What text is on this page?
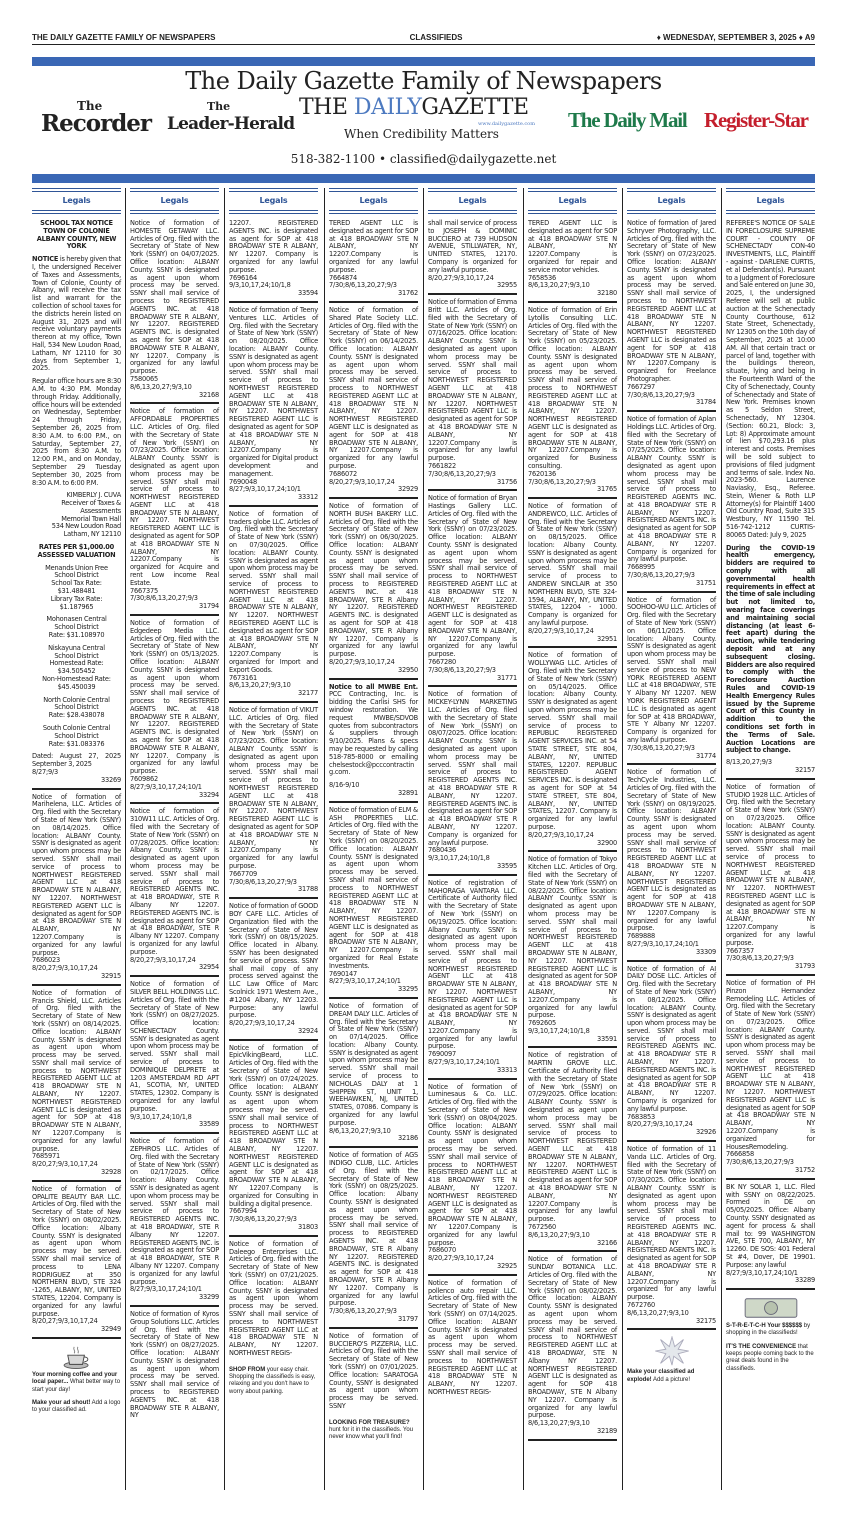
THE DAILY GAZETTE FAMILY OF NEWSPAPERS	CLASSIFIEDS	♦ WEDNESDAY, SEPTEMBER 3, 2025 ♦ A9
The Daily Gazette Family of Newspapers
The
Recorder
The
Leader-Herald
THE DAILYGAZETTE
www.dailygazette.com
When Credibility Matters
The Daily Mail Register-Star
518-382-1100 • classified@dailygazette.net
Legals
SCHOOL TAX NOTICE TOWN OF COLONIE ALBANY COUNTY, NEW YORK
NOTICE is hereby given that I, the undersigned Receiver of Taxes and Assessments, Town of Colonie, County of Albany, will receive the tax list and warrant for the collection of school taxes for the districts herein listed on August 31, 2025 and will receive voluntary payments thereon at my office, Town Hall, 534 New Loudon Road, Latham, NY 12110 for 30 days from September 1, 2025.
Regular office hours are 8:30 A.M. to 4:30 P.M. Monday through Friday. Additionally, office hours will be extended on Wednesday, September 24 through Friday, September 26, 2025 from 8:30 A.M. to 6:00 P.M., on Saturday, September 27, 2025 from 8:30 A.M. to 12:00 P.M., and on Monday, September 29 Tuesday September 30, 2025 from 8:30 A.M. to 6:00 P.M.
KIMBERLY J. CUVA
Receiver of Taxes &
Assessments
Memorial Town Hall
534 New Loudon Road
Latham, NY 12110
RATES PER $1,000.00 ASSESSED VALUATION
Menands Union Free
School District
School Tax Rate:
$31.488481
Library Tax Rate:
$1.187965
Mohonasen Central
School District
Rate: $31.108970
Niskayuna Central
School District
Homestead Rate:
$34.505452
Non-Homestead Rate:
$45.450039
North Colonie Central
School District
Rate: $28.438078
South Colonie Central
School District
Rate: $31.083376
Dated: August 27, 2025 September 3, 2025
8/27;9/3
33269
Notice of formation of Marihelena, LLC. Articles of Org. filed with the Secretary of State of New York (SSNY) on 08/14/2025. Office location: ALBANY County. SSNY is designated as agent upon whom process may be served. SSNY shall mail service of process to NORTHWEST REGISTERED AGENT LLC at 418 BROADWAY STE N ALBANY, NY 12207. NORTHWEST REGISTERED AGENT LLC is designated as agent for SOP at 418 BROADWAY STE N ALBANY, NY 12207.Company is organized for any lawful purpose.
7686023
8/20,27;9/3,10,17,24
32915
Notice of formation of Francis Shield, LLC. Articles of Org. filed with the Secretary of State of New York (SSNY) on 08/14/2025. Office location: ALBANY County. SSNY is designated as agent upon whom process may be served. SSNY shall mail service of process to NORTHWEST REGISTERED AGENT LLC at 418 BROADWAY STE N ALBANY, NY 12207. NORTHWEST REGISTERED AGENT LLC is designated as agent for SOP at 418 BROADWAY STE N ALBANY, NY 12207.Company is organized for any lawful purpose.
7685971
8/20,27;9/3,10,17,24
32928
Notice of formation of OPALITE BEAUTY BAR LLC. Articles of Org. filed with the Secretary of State of New York (SSNY) on 08/02/2025. Office location: Albany County. SSNY is designated as agent upon whom process may be served. SSNY shall mail service of process to LENA RODRIGUEZ at 350 NORTHERN BLVD, STE 324 -1265, ALBANY, NY, UNITED STATES, 12204. Company is organized for any lawful purpose.
8/20,27;9/3,10,17,24
32949
Your morning coffee and your local paper... What better way to start your day!
Make your ad shout! Add a logo to your classified ad.
Legals
Notice of formation of HOMESTE GETAWAY LLC. Articles of Org. filed with the Secretary of State of New York (SSNY) on 04/07/2025. Office location: ALBANY County. SSNY is designated as agent upon whom process may be served. SSNY shall mail service of process to REGISTERED AGENTS INC. at 418 BROADWAY STE R ALBANY, NY 12207. REGISTERED AGENTS INC. is designated as agent for SOP at 418 BROADWAY STE R ALBANY, NY 12207. Company is organized for any lawful purpose.
7580065
8/6,13,20,27;9/3,10
32168
Notice of formation of AFFORDABLE PROPERTIES LLC. Articles of Org. filed with the Secretary of State of New York (SSNY) on 07/23/2025. Office location: ALBANY County. SSNY is designated as agent upon whom process may be served. SSNY shall mail service of process to NORTHWEST REGISTERED AGENT LLC at 418 BROADWAY STE N ALBANY, NY 12207. NORTHWEST REGISTERED AGENT LLC is designated as agent for SOP at 418 BROADWAY STE N ALBANY, NY 12207.Company is organized for Acquire and rent Low income Real Estate.
7667375
7/30;8/6,13,20,27;9/3
31794
Notice of formation of Edgedeep Media LLC. Articles of Org. filed with the Secretary of State of New York (SSNY) on 05/13/2025. Office location: ALBANY County. SSNY is designated as agent upon whom process may be served. SSNY shall mail service of process to REGISTERED AGENTS INC. at 418 BROADWAY STE R ALBANY, NY 12207. REGISTERED AGENTS INC. is designated as agent for SOP at 418 BROADWAY STE R ALBANY, NY 12207. Company is organized for any lawful purpose.
7609862
8/27;9/3,10,17,24;10/1
33294
Notice of formation of 310W11 LLC. Articles of Org. filed with the Secretary of State of New York (SSNY) on 07/28/2025. Office location: Albany County. SSNY is designated as agent upon whom process may be served. SSNY shall mail service of process to REGISTERED AGENTS INC. at 418 BROADWAY, STE R Albany NY 12207. REGISTERED AGENTS INC. is designated as agent for SOP at 418 BROADWAY, STE R Albany NY 12207. Company is organized for any lawful purpose.
8/20,27;9/3,10,17,24
32954
Notice of formation of SILVER BELL HOLDINGS LLC. Articles of Org. filed with the Secretary of State of New York (SSNY) on 08/27/2025. Office location: SCHENECTADY County. SSNY is designated as agent upon whom process may be served. SSNY shall mail service of process to DOMINIQUE DELPRETE at 1203 AMSTERDAM RD APT A1, SCOTIA, NY, UNITED STATES, 12302. Company is organized for any lawful purpose.
9/3,10,17,24;10/1,8
33589
Notice of formation of ZEPHROS LLC. Articles of Org. filed with the Secretary of State of New York (SSNY) on 02/17/2025. Office location: Albany County. SSNY is designated as agent upon whom process may be served. SSNY shall mail service of process to REGISTERED AGENTS INC. at 418 BROADWAY, STE R Albany NY 12207. REGISTERED AGENTS INC. is designated as agent for SOP at 418 BROADWAY, STE R Albany NY 12207. Company is organized for any lawful purpose.
8/27;9/3,10,17,24;10/1
33299
Notice of formation of Kyros Group Solutions LLC. Articles of Org. filed with the Secretary of State of New York (SSNY) on 08/27/2025. Office location: ALBANY County. SSNY is designated as agent upon whom process may be served. SSNY shall mail service of process to REGISTERED AGENTS INC. at 418 BROADWAY STE R ALBANY, NY
Legals
12207. REGISTERED AGENTS INC. is designated as agent for SOP at 418 BROADWAY STE R ALBANY, NY 12207. Company is organized for any lawful purpose.
7696164
9/3,10,17,24;10/1,8
33594
Notice of formation of Teeny Ventures LLC. Articles of Org. filed with the Secretary of State of New York (SSNY) on 08/20/2025. Office location: ALBANY County. SSNY is designated as agent upon whom process may be served. SSNY shall mail service of process to NORTHWEST REGISTERED AGENT LLC at 418 BROADWAY STE N ALBANY, NY 12207. NORTHWEST REGISTERED AGENT LLC is designated as agent for SOP at 418 BROADWAY STE N ALBANY, NY 12207.Company is organized for Digital product development and management.
7690048
8/27;9/3,10,17,24;10/1
33312
Notice of formation of traders globe LLC. Articles of Org. filed with the Secretary of State of New York (SSNY) on 07/30/2025. Office location: ALBANY County. SSNY is designated as agent upon whom process may be served. SSNY shall mail service of process to NORTHWEST REGISTERED AGENT LLC at 418 BROADWAY STE N ALBANY, NY 12207. NORTHWEST REGISTERED AGENT LLC is designated as agent for SOP at 418 BROADWAY STE N ALBANY, NY 12207.Company is organized for Import and Export Goods.
7673161
8/6,13,20,27;9/3,10
32177
Notice of formation of VIKUT LLC. Articles of Org. filed with the Secretary of State of New York (SSNY) on 07/23/2025. Office location: ALBANY County. SSNY is designated as agent upon whom process may be served. SSNY shall mail service of process to NORTHWEST REGISTERED AGENT LLC at 418 BROADWAY STE N ALBANY, NY 12207. NORTHWEST REGISTERED AGENT LLC is designated as agent for SOP at 418 BROADWAY STE N ALBANY, NY 12207.Company is organized for any lawful purpose.
7667709
7/30;8/6,13,20,27;9/3
31788
Notice of formation of GOOD BOY CAFE LLC. Articles of Organization filed with the Secretary of State of New York (SSNY) on 08/15/2025. Office located in Albany. SSNY has been designated for service of process. SSNY shall mail copy of any process served against the LLC Law Office of Marc Scolnick 1971 Western Ave., #1204 Albany, NY 12203. Purpose: any lawful purpose.
8/20,27;9/3,10,17,24
32924
Notice of formation of EpicVikingBeard, LLC. Articles of Org. filed with the Secretary of State of New York (SSNY) on 07/24/2025. Office location: ALBANY County. SSNY is designated as agent upon whom process may be served. SSNY shall mail service of process to NORTHWEST REGISTERED AGENT LLC at 418 BROADWAY STE N ALBANY, NY 12207. NORTHWEST REGISTERED AGENT LLC is designated as agent for SOP at 418 BROADWAY STE N ALBANY, NY 12207.Company is organized for Consulting in building a digital presence.
7667994
7/30;8/6,13,20,27;9/3
31803
Notice of formation of Daleego Enterprises LLC. Articles of Org. filed with the Secretary of State of New York (SSNY) on 07/21/2025. Office location: ALBANY County. SSNY is designated as agent upon whom process may be served. SSNY shall mail service of process to NORTHWEST REGISTERED AGENT LLC at 418 BROADWAY STE N ALBANY, NY 12207. NORTHWEST REGIS-
SHOP FROM your easy chair. Shopping the classifieds is easy, relaxing and you don't have to worry about parking.
Legals
TERED AGENT LLC is designated as agent for SOP at 418 BROADWAY STE N ALBANY, NY 12207.Company is organized for any lawful purpose.
7664874
7/30;8/6,13,20,27;9/3
31762
Notice of formation of Shared Plate Society LLC. Articles of Org. filed with the Secretary of State of New York (SSNY) on 06/14/2025. Office location: ALBANY County. SSNY is designated as agent upon whom process may be served. SSNY shall mail service of process to NORTHWEST REGISTERED AGENT LLC at 418 BROADWAY STE N ALBANY, NY 12207. NORTHWEST REGISTERED AGENT LLC is designated as agent for SOP at 418 BROADWAY STE N ALBANY, NY 12207.Company is organized for any lawful purpose.
7686072
8/20,27;9/3,10,17,24
32929
Notice of formation of NORTH BUSH BAKERY LLC. Articles of Org. filed with the Secretary of State of New York (SSNY) on 06/30/2025. Office location: ALBANY County. SSNY is designated as agent upon whom process may be served. SSNY shall mail service of process to REGISTERED AGENTS INC. at 418 BROADWAY, STE R Albany NY 12207. REGISTERED AGENTS INC. is designated as agent for SOP at 418 BROADWAY, STE R Albany NY 12207. Company is organized for any lawful purpose.
8/20,27;9/3,10,17,24
32950
Notice to all MWBE Ent. PCC Contracting, Inc. is bidding the Carlisi SHS for window restoration. We request MWBE/SDVOB quotes from subcontractors & suppliers through 9/10/2025. Plans & specs may be requested by calling 518-785-8000 or emailing chelsestock@pcccontracting.com.
8/16-9/10
32891
Notice of formation of ELM & ASH PROPERTIES LLC. Articles of Org. filed with the Secretary of State of New York (SSNY) on 08/20/2025. Office location: ALBANY County. SSNY is designated as agent upon whom process may be served. SSNY shall mail service of process to NORTHWEST REGISTERED AGENT LLC at 418 BROADWAY STE N ALBANY, NY 12207. NORTHWEST REGISTERED AGENT LLC is designated as agent for SOP at 418 BROADWAY STE N ALBANY, NY 12207.Company is organized for Real Estate Investments.
7690147
8/27;9/3,10,17,24;10/1
33295
Notice of formation of DREAM DALY LLC. Articles of Org. filed with the Secretary of State of New York (SSNY) on 07/14/2025. Office location: Albany County. SSNY is designated as agent upon whom process may be served. SSNY shall mail service of process to NICHOLAS DALY at 1 SHIPPEN ST, UNIT 1, WEEHAWKEN, NJ, UNITED STATES, 07086. Company is organized for any lawful purpose.
8/6,13,20,27;9/3,10
32186
Notice of formation of AGS INDIGO CLUB, LLC. Articles of Org. filed with the Secretary of State of New York (SSNY) on 08/25/2025. Office location: Albany County. SSNY is designated as agent upon whom process may be served. SSNY shall mail service of process to REGISTERED AGENTS INC. at 418 BROADWAY, STE R Albany NY 12207. REGISTERED AGENTS INC. is designated as agent for SOP at 418 BROADWAY, STE R Albany NY 12207. Company is organized for any lawful purpose.
7/30;8/6,13,20,27;9/3
31797
Notice of formation of BUCCIERO'S PIZZERIA, LLC. Articles of Org. filed with the Secretary of State of New York (SSNY) on 07/01/2025. Office location: SARATOGA County, SSNY is designated as agent upon whom process may be served. SSNY
LOOKING FOR TREASURE? hunt for it in the classifieds. You never know what you'll find!
Legals
shall mail service of process to JOSEPH & DOMINIC BUCCIERO at 739 HUDSON AVENUE, STILLWATER, NY, UNITED STATES, 12170. Company is organized for any lawful purpose.
8/20,27;9/3,10,17,24
32955
Notice of formation of Emma Britt LLC. Articles of Org. filed with the Secretary of State of New York (SSNY) on 07/16/2025. Office location: ALBANY County. SSNY is designated as agent upon whom process may be served. SSNY shall mail service of process to NORTHWEST REGISTERED AGENT LLC at 418 BROADWAY STE N ALBANY, NY 12207. NORTHWEST REGISTERED AGENT LLC is designated as agent for SOP at 418 BROADWAY STE N ALBANY, NY 12207.Company is organized for any lawful purpose.
7661822
7/30;8/6,13,20,27;9/3
31756
Notice of formation of Bryan Hastings Gallery LLC. Articles of Org. filed with the Secretary of State of New York (SSNY) on 07/23/2025. Office location: ALBANY County. SSNY is designated as agent upon whom process may be served. SSNY shall mail service of process to NORTHWEST REGISTERED AGENT LLC at 418 BROADWAY STE N ALBANY, NY 12207. NORTHWEST REGISTERED AGENT LLC is designated as agent for SOP at 418 BROADWAY STE N ALBANY, NY 12207.Company is organized for any lawful purpose.
7667280
7/30;8/6,13,20,27;9/3
31771
Notice of formation of MICKEY-LYNN MARKETING LLC. Articles of Org. filed with the Secretary of State of New York (SSNY) on 08/07/2025. Office location: ALBANY County. SSNY is designated as agent upon whom process may be served. SSNY shall mail service of process to REGISTERED AGENTS INC. at 418 BROADWAY STE R ALBANY, NY 12207. REGISTERED AGENTS INC. is designated as agent for SOP at 418 BROADWAY STE R ALBANY, NY 12207. Company is organized for any lawful purpose.
7680436
9/3,10,17,24;10/1,8
33595
Notice of registration of MAHORAGA VANTARA LLC. Certificate of Authority filed with the Secretary of State of New York (SSNY) on 06/19/2025. Office location: Albany County. SSNY is designated as agent upon whom process may be served. SSNY shall mail service of process to NORTHWEST REGISTERED AGENT LLC at 418 BROADWAY STE N ALBANY, NY 12207. NORTHWEST REGISTERED AGENT LLC is designated as agent for SOP at 418 BROADWAY STE N ALBANY, NY 12207.Company is organized for any lawful purpose.
7690097
8/27;9/3,10,17,24;10/1
33313
Notice of formation of Luminesaus & Co. LLC. Articles of Org. filed with the Secretary of State of New York (SSNY) on 08/04/2025. Office location: ALBANY County. SSNY is designated as agent upon whom process may be served. SSNY shall mail service of process to NORTHWEST REGISTERED AGENT LLC at 418 BROADWAY STE N ALBANY, NY 12207. NORTHWEST REGISTERED AGENT LLC is designated as agent for SOP at 418 BROADWAY STE N ALBANY, NY 12207.Company is organized for any lawful purpose.
7686070
8/20,27;9/3,10,17,24
32925
Notice of formation of pollenco auto repair LLC. Articles of Org. filed with the Secretary of State of New York (SSNY) on 07/14/2025. Office location: ALBANY County. SSNY is designated as agent upon whom process may be served. SSNY shall mail service of process to NORTHWEST REGISTERED AGENT LLC at 418 BROADWAY STE N ALBANY, NY 12207. NORTHWEST REGIS-
Legals
TERED AGENT LLC is designated as agent for SOP at 418 BROADWAY STE N ALBANY, NY 12207.Company is organized for repair and service motor vehicles.
7658536
8/6,13,20,27;9/3,10
32180
Notice of formation of Erin Lytollis Consulting LLC. Articles of Org. filed with the Secretary of State of New York (SSNY) on 05/23/2025. Office location: ALBANY County. SSNY is designated as agent upon whom process may be served. SSNY shall mail service of process to NORTHWEST REGISTERED AGENT LLC at 418 BROADWAY STE N ALBANY, NY 12207. NORTHWEST REGISTERED AGENT LLC is designated as agent for SOP at 418 BROADWAY STE N ALBANY, NY 12207.Company is organized for Business consulting.
7620136
7/30;8/6,13,20,27;9/3
31765
Notice of formation of ANDREWCO, LLC. Articles of Org. filed with the Secretary of State of New York (SSNY) on 08/15/2025. Office location: Albany County. SSNY is designated as agent upon whom process may be served. SSNY shall mail service of process to ANDREW SINCLAIR at 350 NORTHERN BLVD, STE 324-1594, ALBANY, NY, UNITED STATES, 12204 - 1000. Company is organized for any lawful purpose.
8/20,27;9/3,10,17,24
32951
Notice of formation of WOLLYWAG LLC. Articles of Org. filed with the Secretary of State of New York (SSNY) on 05/14/2025. Office location: Albany County. SSNY is designated as agent upon whom process may be served. SSNY shall mail service of process to REPUBLIC REGISTERED AGENT SERVICES INC. at 54 STATE STREET, STE 804, ALBANY, NY, UNITED STATES, 12207. REPUBLIC REGISTERED AGENT SERVICES INC. is designated as agent for SOP at 54 STATE STREET, STE 804, ALBANY, NY, UNITED STATES, 12207. Company is organized for any lawful purpose.
8/20,27;9/3,10,17,24
32900
Notice of formation of Tokyo Kitchen LLC. Articles of Org. filed with the Secretary of State of New York (SSNY) on 08/22/2025. Office location: ALBANY County. SSNY is designated as agent upon whom process may be served. SSNY shall mail service of process to NORTHWEST REGISTERED AGENT LLC at 418 BROADWAY STE N ALBANY, NY 12207. NORTHWEST REGISTERED AGENT LLC is designated as agent for SOP at 418 BROADWAY STE N ALBANY, NY 12207.Company is organized for any lawful purpose.
7692605
9/3,10,17,24;10/1,8
33591
Notice of registration of MARTIN GROVE LLC. Certificate of Authority filed with the Secretary of State of New York (SSNY) on 07/29/2025. Office location: ALBANY County. SSNY is designated as agent upon whom process may be served. SSNY shall mail service of process to NORTHWEST REGISTERED AGENT LLC at 418 BROADWAY STE N ALBANY, NY 12207. NORTHWEST REGISTERED AGENT LLC is designated as agent for SOP at 418 BROADWAY STE N ALBANY, NY 12207.Company is organized for any lawful purpose.
7672560
8/6,13,20,27;9/3,10
32166
Notice of formation of SUNDAY BOTANICA LLC. Articles of Org. filed with the Secretary of State of New York (SSNY) on 08/02/2025. Office location: ALBANY County. SSNY is designated as agent upon whom process may be served. SSNY shall mail service of process to NORTHWEST REGISTERED AGENT LLC at 418 BROADWAY, STE N Albany NY 12207. NORTHWEST REGISTERED AGENT LLC is designated as agent for SOP 418 BROADWAY, STE N Albany NY 12207. Company is organized for any lawful purpose.
8/6,13,20,27;9/3,10
32189
Legals
Notice of formation of Jared Schryver Photography, LLC. Articles of Org. filed with the Secretary of State of New York (SSNY) on 07/23/2025. Office location: ALBANY County. SSNY is designated as agent upon whom process may be served. SSNY shall mail service of process to NORTHWEST REGISTERED AGENT LLC at 418 BROADWAY STE N ALBANY, NY 12207. NORTHWEST REGISTERED AGENT LLC is designated as agent for SOP at 418 BROADWAY STE N ALBANY, NY 12207.Company is organized for Freelance Photographer.
7667297
7/30;8/6,13,20,27;9/3
31784
Notice of formation of Aplan Holdings LLC. Articles of Org. filed with the Secretary of State of New York (SSNY) on 07/25/2025. Office location: ALBANY County. SSNY is designated as agent upon whom process may be served. SSNY shall mail service of process to REGISTERED AGENTS INC. at 418 BROADWAY STE R ALBANY, NY 12207. REGISTERED AGENTS INC. is designated as agent for SOP at 418 BROADWAY STE R ALBANY, NY 12207. Company is organized for any lawful purpose.
7668995
7/30;8/6,13,20,27;9/3
31751
Notice of formation of SOOHOO-WU LLC. Articles of Org. filed with the Secretary of State of New York (SSNY) on 06/11/2025. Office location: Albany County. SSNY is designated as agent upon whom process may be served. SSNY shall mail service of process to NEW YORK REGISTERED AGENT LLC at 418 BROADWAY, STE Y Albany NY 12207. NEW YORK REGISTERED AGENT LLC is designated as agent for SOP at 418 BROADWAY, STE Y Albany NY 12207. Company is organized for any lawful purpose.
7/30;8/6,13,20,27;9/3
31774
Notice of formation of TechCycle Industries, LLC. Articles of Org. filed with the Secretary of State of New York (SSNY) on 08/19/2025. Office location: ALBANY County. SSNY is designated as agent upon whom process may be served. SSNY shall mail service of process to NORTHWEST REGISTERED AGENT LLC at 418 BROADWAY STE N ALBANY, NY 12207. NORTHWEST REGISTERED AGENT LLC is designated as agent for SOP at 418 BROADWAY STE N ALBANY, NY 12207.Company is organized for any lawful purpose.
7689888
8/27;9/3,10,17,24;10/1
33309
Notice of formation of AI DAILY DOSE LLC. Articles of Org. filed with the Secretary of State of New York (SSNY) on 08/12/2025. Office location: ALBANY County. SSNY is designated as agent upon whom process may be served. SSNY shall mail service of process to REGISTERED AGENTS INC. at 418 BROADWAY STE R ALBANY, NY 12207. REGISTERED AGENTS INC. is designated as agent for SOP at 418 BROADWAY STE R ALBANY, NY 12207. Company is organized for any lawful purpose.
7683853
8/20,27;9/3,10,17,24
32926
Notice of formation of 11 Vanda LLC. Articles of Org. filed with the Secretary of State of New York (SSNY) on 07/30/2025. Office location: ALBANY County. SSNY is designated as agent upon whom process may be served. SSNY shall mail service of process to REGISTERED AGENTS INC. at 418 BROADWAY STE R ALBANY, NY 12207. REGISTERED AGENTS INC. is designated as agent for SOP at 418 BROADWAY STE R ALBANY, NY 12207.Company is organized for any lawful purpose.
7672760
8/6,13,20,27;9/3,10
32175
Make your classified ad explode! Add a picture!
Legals
REFEREE'S NOTICE OF SALE IN FORECLOSURE SUPREME COURT - COUNTY OF SCHENECTADY CON-40 INVESTMENTS, LLC, Plaintiff - against - DARLENE CURTIS, et al Defendant(s). Pursuant to a Judgment of Foreclosure and Sale entered on June 30, 2025, I, the undersigned Referee will sell at public auction at the Schenectady County Courthouse, 612 State Street, Schenectady, NY 12305 on the 10th day of September, 2025 at 10:00 AM. All that certain tract or parcel of land, together with the buildings thereon, situate, lying and being in the Fourteenth Ward of the City of Schenectady, County of Schenectady and State of New York. Premises known as 5 Seldon Street, Schenectady, NY 12304. (Section: 60.21, Block: 3, Lot: 8) Approximate amount of lien $70,293.16 plus interest and costs. Premises will be sold subject to provisions of filed judgment and terms of sale. Index No. 2023-560. Laurence Naviasky, Esq., Referee. Stein, Wiener & Roth LLP Attorney(s) for Plaintiff 1400 Old Country Road, Suite 315 Westbury, NY 11590 Tel. 516-742-1212 CURTIS-80065 Dated: July 9, 2025
During the COVID-19 health emergency, bidders are required to comply with all governmental health requirements in effect at the time of sale including but not limited to, wearing face coverings and maintaining social distancing (at least 6-feet apart) during the auction, while tendering deposit and at any subsequent closing. Bidders are also required to comply with the Foreclosure Auction Rules and COVID-19 Health Emergency Rules issued by the Supreme Court of this County in addition to the conditions set forth in the Terms of Sale. Auction Locations are subject to change.
8/13,20,27;9/3
32157
Notice of formation of STUDIO 1928 LLC. Articles of Org. filed with the Secretary of State of New York (SSNY) on 07/23/2025. Office location: ALBANY County. SSNY is designated as agent upon whom process may be served. SSNY shall mail service of process to NORTHWEST REGISTERED AGENT LLC at 418 BROADWAY STE N ALBANY, NY 12207. NORTHWEST REGISTERED AGENT LLC is designated as agent for SOP at 418 BROADWAY STE N ALBANY, NY 12207.Company is organized for any lawful purpose.
7667357
7/30;8/6,13,20,27;9/3
31793
Notice of formation of PH Pinzon Hernandez Remodeling LLC. Articles of Org. filed with the Secretary of State of New York (SSNY) on 07/23/2025. Office location: ALBANY County. SSNY is designated as agent upon whom process may be served. SSNY shall mail service of process to NORTHWEST REGISTERED AGENT LLC at 418 BROADWAY STE N ALBANY, NY 12207. NORTHWEST REGISTERED AGENT LLC is designated as agent for SOP at 418 BROADWAY STE N ALBANY, NY 12207.Company is organized for HousesRemodeling.
7666858
7/30;8/6,13,20,27;9/3
31752
BK NY SOLAR 1, LLC. Filed with SSNY on 08/22/2025. Formed in DE on 05/05/2025. Office: Albany County. SSNY designated as agent for process & shall mail to: 99 WASHINGTON AVE, STE 700, ALBANY, NY 12260. DE SOS: 401 Federal St #4, Dover, DE 19901. Purpose: any lawful
8/27;9/3,10,17,24;10/1
33289
S-T-R-E-T-C-H Your $$$$$$ by shopping in the classifieds!
IT'S THE CONVENIENCE that keeps people coming back to the great deals found in the classifieds.
